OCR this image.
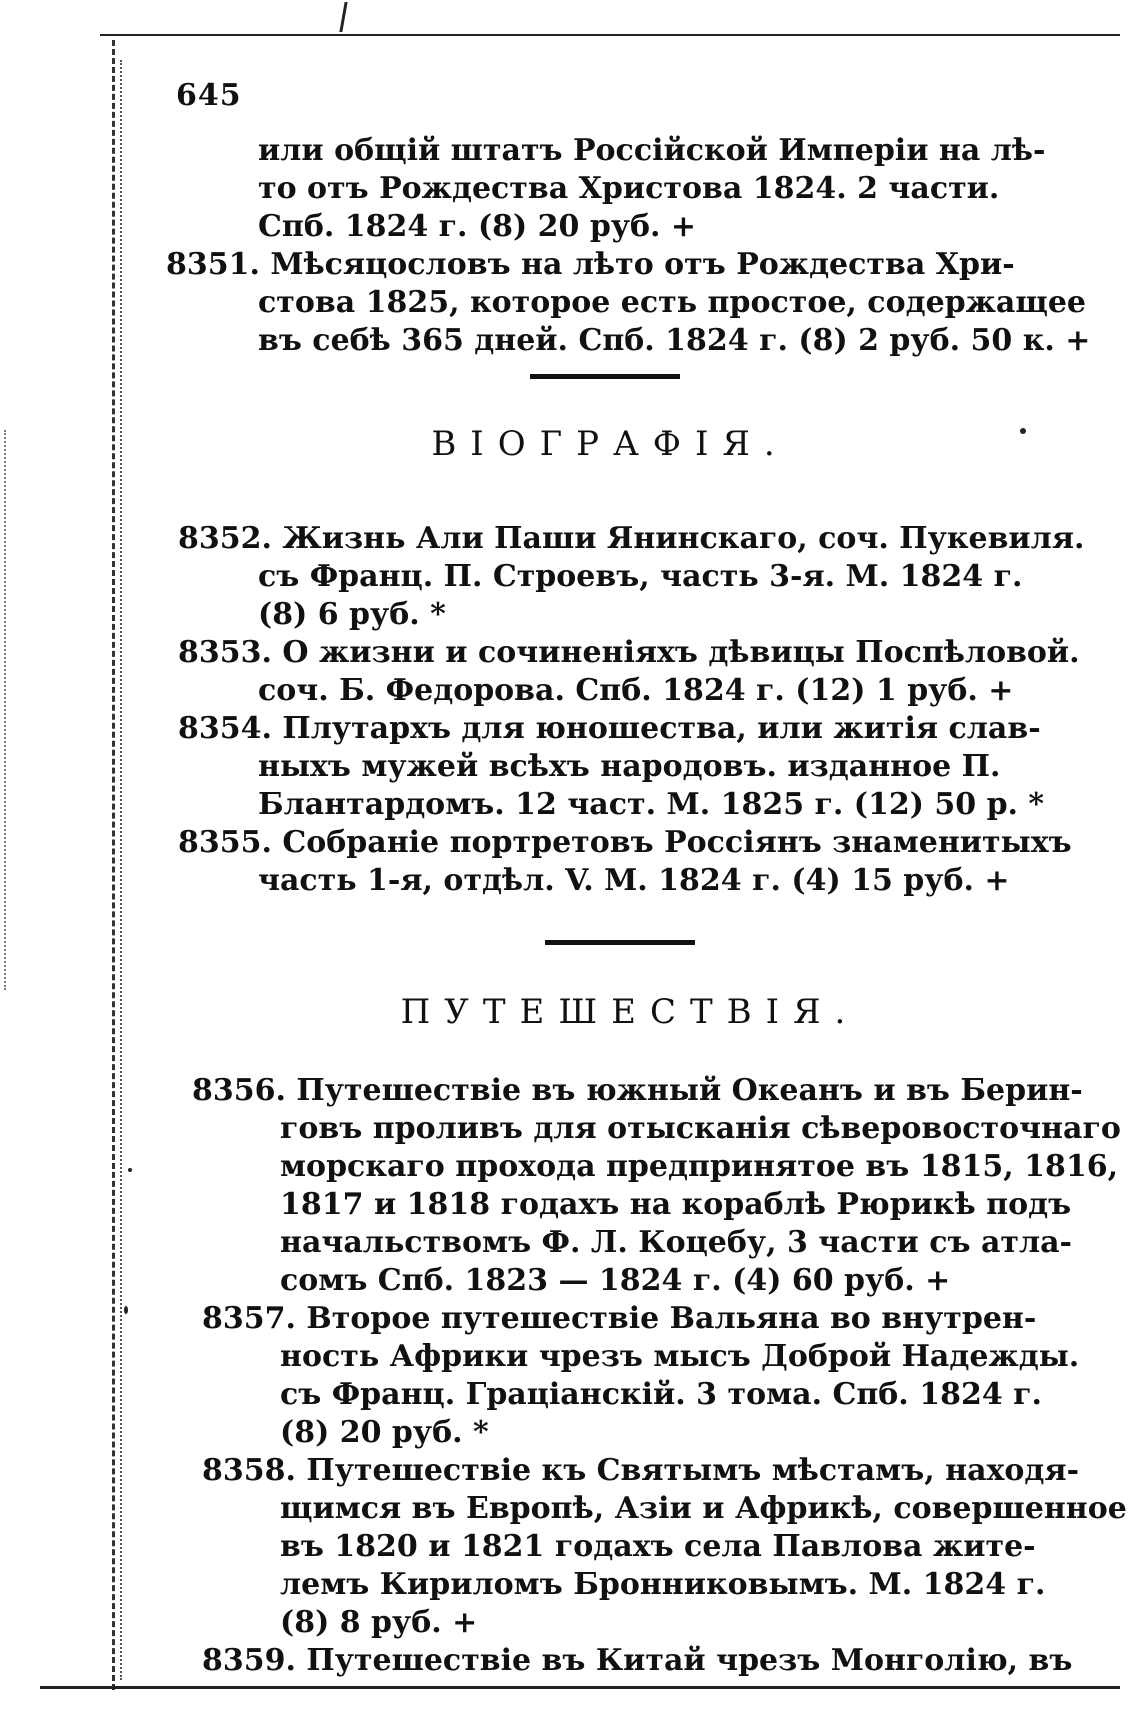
645
или общій штатъ Россійской Имперіи на лѣ-
то отъ Рождества Христова 1824. 2 части.
Спб. 1824 г. (8) 20 руб. +
8351. Мѣсяцословъ на лѣто отъ Рождества Хри-
стова 1825, которое есть простое, содержащее
въ себѣ 365 дней. Спб. 1824 г. (8) 2 руб. 50 к. +
ВІОГРАФІЯ.
8352. Жизнь Али Паши Янинскаго, соч. Пукевиля.
съ Франц. П. Строевъ, часть 3-я. М. 1824 г.
(8) 6 руб. *
8353. О жизни и сочиненіяхъ дѣвицы Поспѣловой.
соч. Б. Федорова. Спб. 1824 г. (12) 1 руб. +
8354. Плутархъ для юношества, или житія слав-
ныхъ мужей всѣхъ народовъ. изданное П.
Блантардомъ. 12 част. М. 1825 г. (12) 50 р. *
8355. Собраніе портретовъ Россіянъ знаменитыхъ
часть 1-я, отдѣл. V. М. 1824 г. (4) 15 руб. +
ПУТЕШЕСТВІЯ.
8356. Путешествіе въ южный Океанъ и въ Берин-
говъ проливъ для отысканія сѣверовосточнаго
морскаго прохода предпринятое въ 1815, 1816,
1817 и 1818 годахъ на кораблѣ Рюрикѣ подъ
начальствомъ Ф. Л. Коцебу, 3 части съ атла-
сомъ Спб. 1823 — 1824 г. (4) 60 руб. +
8357. Второе путешествіе Вальяна во внутрен-
ность Африки чрезъ мысъ Доброй Надежды.
съ Франц. Граціанскій. 3 тома. Спб. 1824 г.
(8) 20 руб. *
8358. Путешествіе къ Святымъ мѣстамъ, находя-
щимся въ Европѣ, Азіи и Африкѣ, совершенное
въ 1820 и 1821 годахъ села Павлова жите-
лемъ Кириломъ Бронниковымъ. М. 1824 г.
(8) 8 руб. +
8359. Путешествіе въ Китай чрезъ Монголію, въ
